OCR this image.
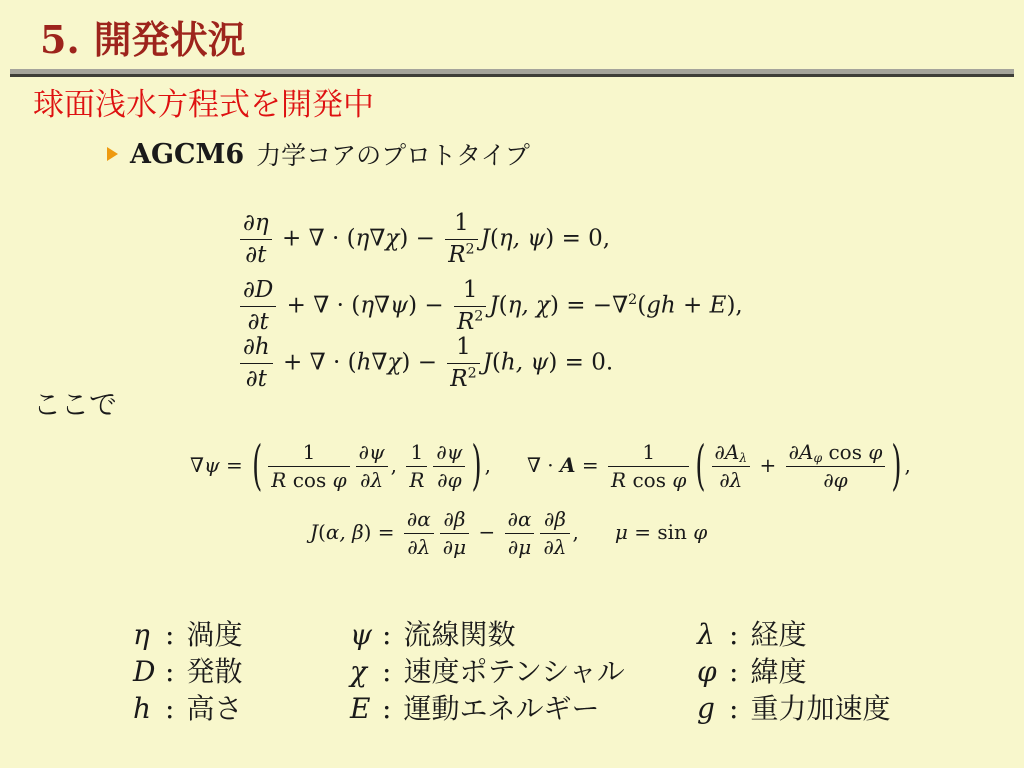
5. 開発状況
球面浅水方程式を開発中
AGCM6 力学コアのプロトタイプ
$\frac{\partial\eta}{\partial t}$ + ∇ · $(\eta\nabla\chi) - \frac{1}{R^2} J(\eta$, ψ) = 0,
$\frac{\partial D}{\partial t}$ + ∇ · $(\eta\nabla\psi) - \frac{1}{R^2} J(\eta$, χ) = −∇$^2$(gh + E),
$\frac{\partial h}{\partial t}$ + ∇ · $(h\nabla\chi) - \frac{1}{R^2} J(h$, ψ) = 0.
ここで
∇ψ = ( $\frac{1}{\text{R cos φ}} \frac{\partial\psi}{\partial\lambda}$ , $\frac{1}{R} \frac{\partial\psi}{\partial\varphi}$ ) , ∇ · $A = \frac{1}{\text{R cos φ}}$ ( $\frac{\partial A\lambda}{\partial\lambda} + \frac{\text{∂Aφ cos φ}}{\partial\varphi}$ ) ,
J(α, $\beta) = \frac{\partial\alpha}{\partial\lambda} \frac{\partial\beta}{\partial\mu} - \frac{\partial\alpha}{\partial\mu} \frac{\partial\beta}{\partial\lambda}$ , μ = sin φ
η : 渦度
D : 発散
h : 高さ
ψ : 流線関数
χ : 速度ポテンシャル
E : 運動エネルギー
λ : 経度
φ : 緯度
g : 重力加速度
